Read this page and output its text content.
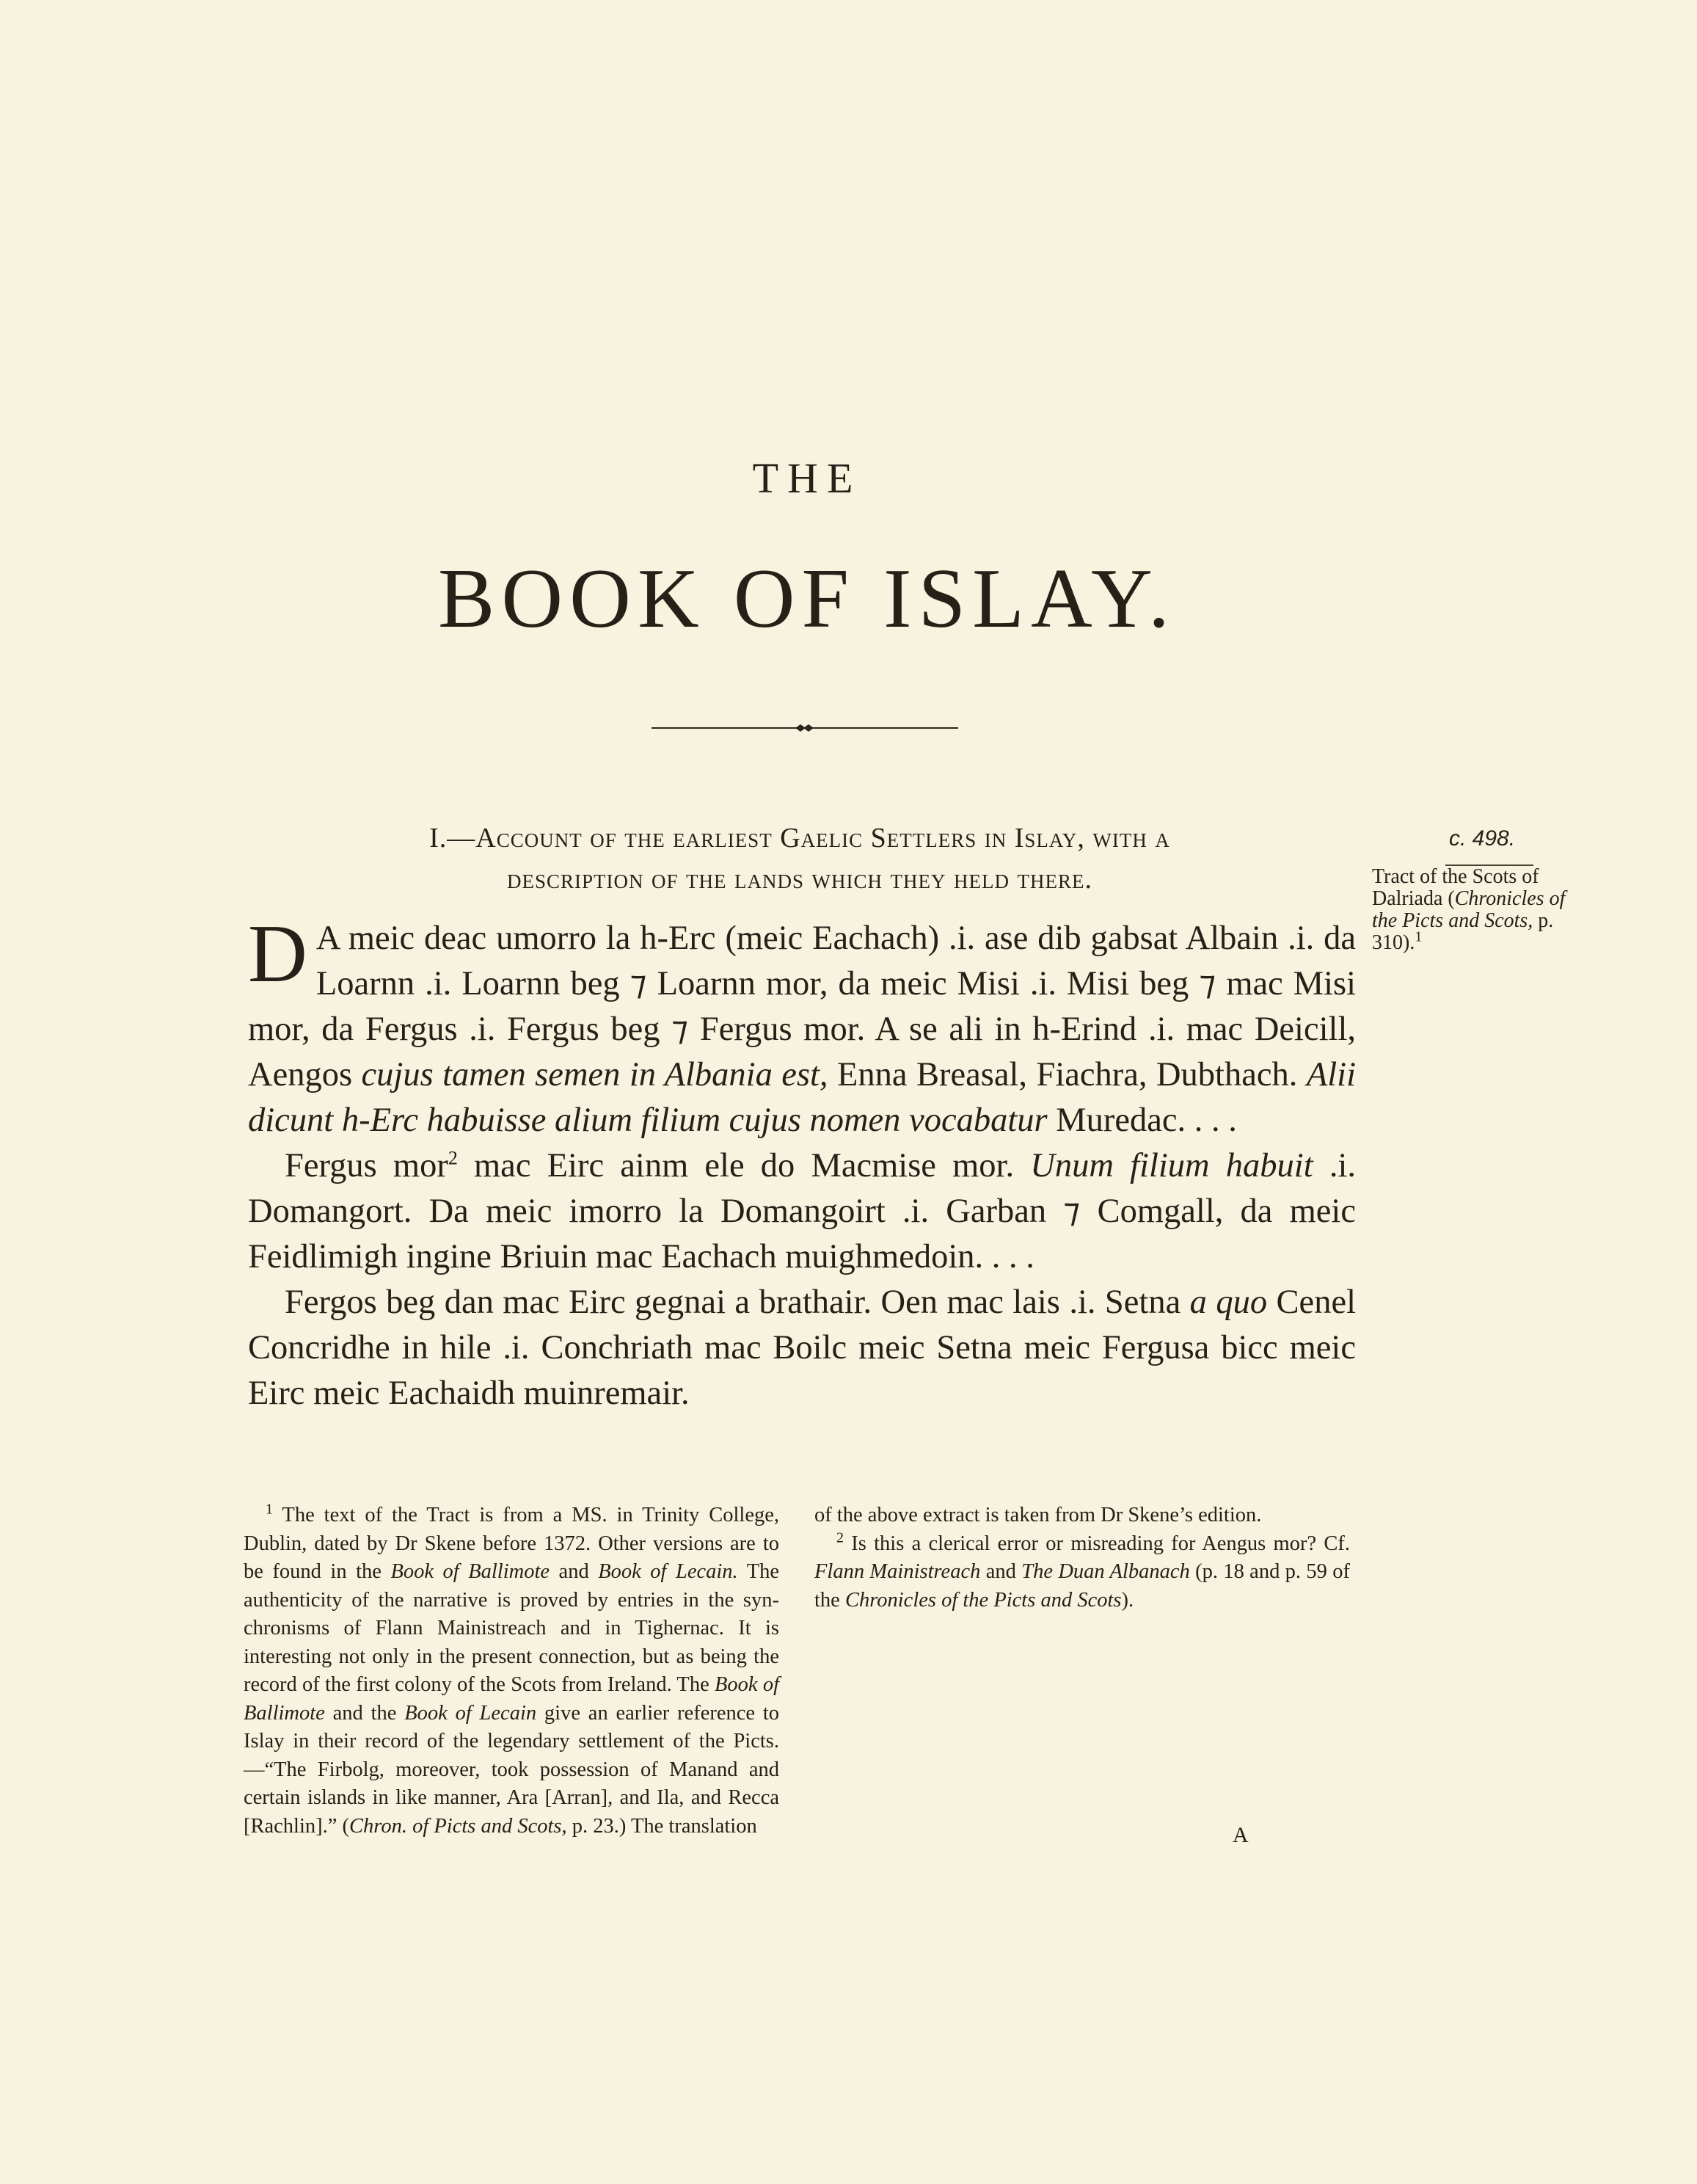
THE
BOOK OF ISLAY.
I.—Account of the earliest Gaelic Settlers in Islay, with a
description of the lands which they held there.
c. 498.
Tract of the Scots of Dalriada (Chronicles of the Picts and Scots, p. 310).$^1$

D A meic deac umorro la h-Erc (meic Eachach) .i. ase dib gabsat Albain .i. da Loarnn .i. Loarnn beg ⁊ Loarnn mor, da meic Misi .i. Misi beg ⁊ mac Misi mor, da Fergus .i. Fergus beg ⁊ Fergus mor. A se ali in h-Erind .i. mac Deicill, Aengos cujus tamen semen in Albania est, Enna Breasal, Fiachra, Dubthach. Alii dicunt h-Erc habuisse alium filium cujus nomen vocabatur Muredac. . . .

Fergus mor$^2$ mac Eirc ainm ele do Macmise mor. Unum filium habuit .i. Domangort. Da meic imorro la Domangoirt .i. Garban ⁊ Comgall, da meic Feidlimigh ingine Briuin mac Eachach muighmedoin. . . .

Fergos beg dan mac Eirc gegnai a brathair. Oen mac lais .i. Setna a quo Cenel Concridhe in hile .i. Conchriath mac Boilc meic Setna meic Fergusa bicc meic Eirc meic Eachaidh muinremair.

$^1$ The text of the Tract is from a MS. in Trinity College, Dublin, dated by Dr Skene before 1372. Other versions are to be found in the Book of Ballimote and Book of Lecain. The authenticity of the narrative is proved by entries in the synchronisms of Flann Mainistreach and in Tighernac. It is interesting not only in the present connection, but as being the record of the first colony of the Scots from Ireland. The Book of Ballimote and the Book of Lecain give an earlier reference to Islay in their record of the legendary settlement of the Picts.—“The Firbolg, moreover, took possession of Manand and certain islands in like manner, Ara [Arran], and Ila, and Recca [Rachlin].” (Chron. of Picts and Scots, p. 23.) The translation

of the above extract is taken from Dr Skene’s edition.

$^2$ Is this a clerical error or misreading for Aengus mor? Cf. Flann Mainistreach and The Duan Albanach (p. 18 and p. 59 of the Chronicles of the Picts and Scots).

A
